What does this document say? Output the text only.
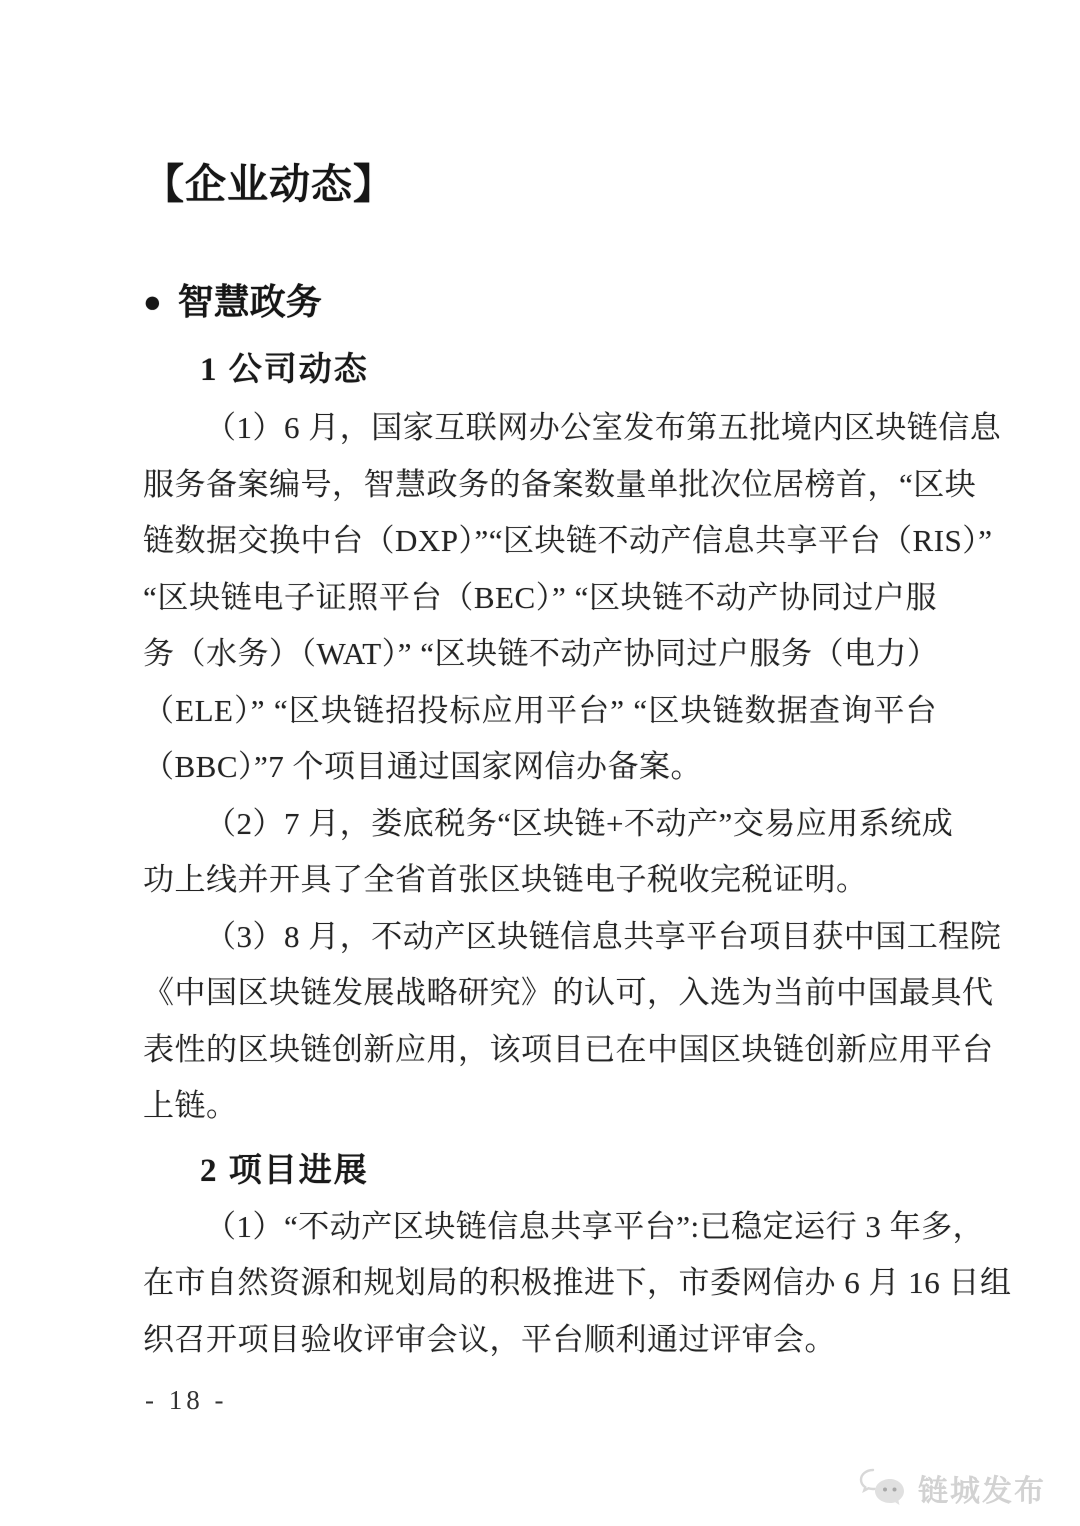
【企业动态】
● 智慧政务
1 公司动态
（1）6 月，国家互联网办公室发布第五批境内区块链信息
服务备案编号，智慧政务的备案数量单批次位居榜首，“区块
链数据交换中台（DXP）”“区块链不动产信息共享平台（RIS）”
“区块链电子证照平台（BEC）” “区块链不动产协同过户服
务（水务）（WAT）” “区块链不动产协同过户服务（电力）
（ELE）” “区块链招投标应用平台” “区块链数据查询平台
（BBC）”7 个项目通过国家网信办备案。
（2）7 月，娄底税务“区块链+不动产”交易应用系统成
功上线并开具了全省首张区块链电子税收完税证明。
（3）8 月，不动产区块链信息共享平台项目获中国工程院
《中国区块链发展战略研究》的认可，入选为当前中国最具代
表性的区块链创新应用，该项目已在中国区块链创新应用平台
上链。
2 项目进展
（1）“不动产区块链信息共享平台”:已稳定运行 3 年多，
在市自然资源和规划局的积极推进下，市委网信办 6 月 16 日组
织召开项目验收评审会议，平台顺利通过评审会。
- 18 -
链城发布
